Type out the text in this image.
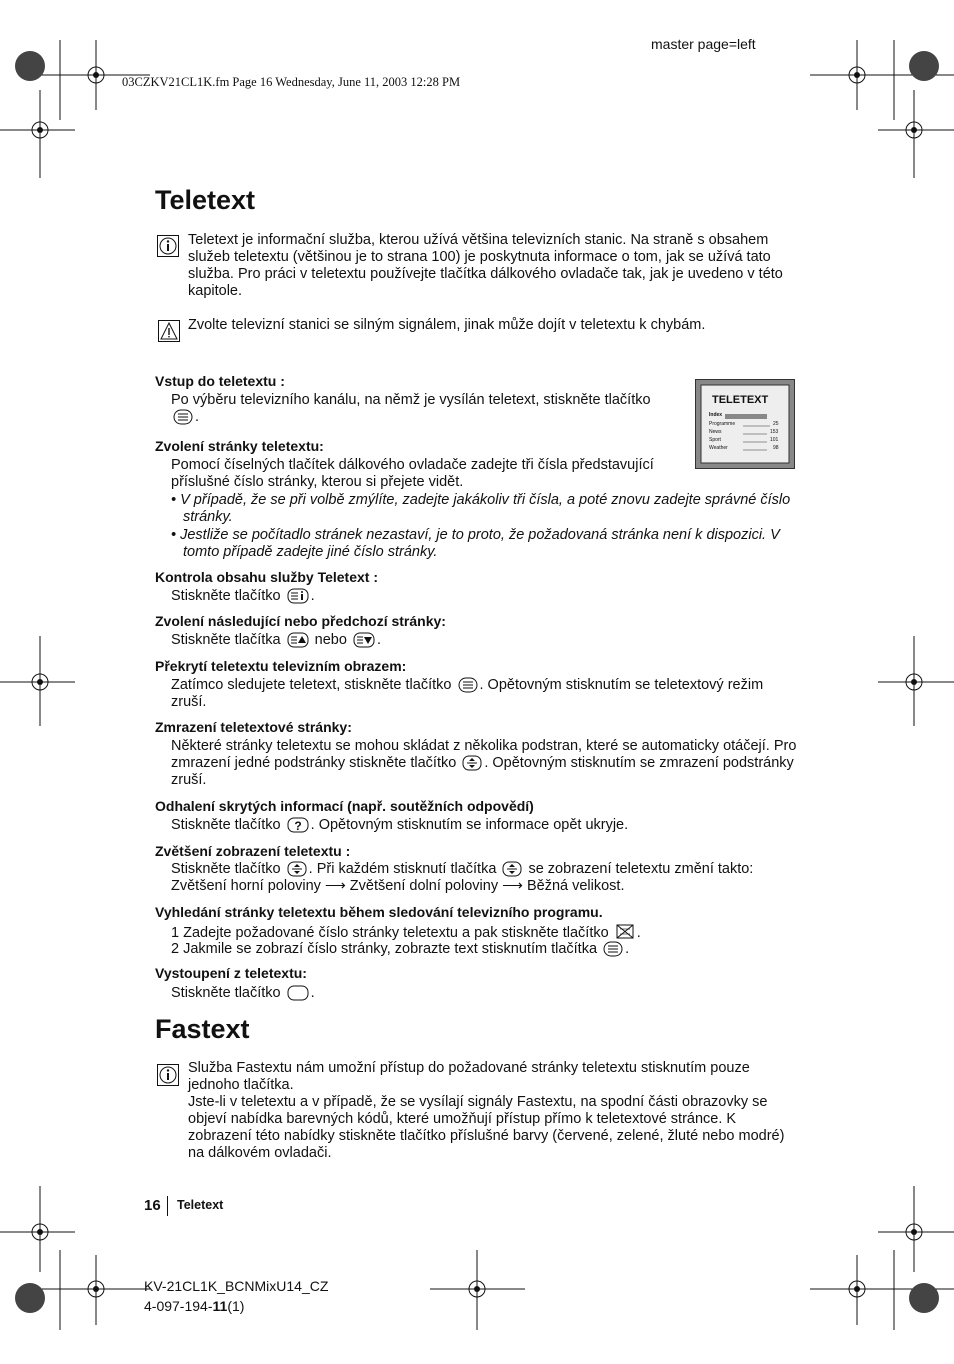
master page=left
03CZKV21CL1K.fm Page 16 Wednesday, June 11, 2003 12:28 PM
Teletext
Teletext je informační služba, kterou užívá většina televizních stanic. Na straně s obsahem služeb teletextu (většinou je to strana 100) je poskytnuta informace o tom, jak se užívá tato služba. Pro práci v teletextu používejte tlačítka dálkového ovladače tak, jak je uvedeno v této kapitole.
Zvolte televizní stanici se silným signálem, jinak může dojít v teletextu k chybám.
TELETEXT
Index
Programme	25
News	153
Sport	101
Weather	98
Vstup do teletextu :
Po výběru televizního kanálu, na němž je vysílán teletext, stiskněte tlačítko
.
Zvolení stránky teletextu:
Pomocí číselných tlačítek dálkového ovladače zadejte tři čísla představující příslušné číslo stránky, kterou si přejete vidět.
• V případě, že se při volbě zmýlíte, zadejte jakákoliv tři čísla, a poté znovu zadejte správné číslo stránky.
• Jestliže se počítadlo stránek nezastaví, je to proto, že požadovaná stránka není k dispozici. V tomto případě zadejte jiné číslo stránky.
Kontrola obsahu služby Teletext :
Stiskněte tlačítko .
Zvolení následující nebo předchozí stránky:
Stiskněte tlačítka nebo .
Překrytí teletextu televizním obrazem:
Zatímco sledujete teletext, stiskněte tlačítko . Opětovným stisknutím se teletextový režim zruší.
Zmrazení teletextové stránky:
Některé stránky teletextu se mohou skládat z několika podstran, které se automaticky otáčejí. Pro zmrazení jedné podstránky stiskněte tlačítko . Opětovným stisknutím se zmrazení podstránky zruší.
Odhalení skrytých informací (např. soutěžních odpovědí)
Stiskněte tlačítko ? . Opětovným stisknutím se informace opět ukryje.
Zvětšení zobrazení teletextu :
Stiskněte tlačítko . Při každém stisknutí tlačítka se zobrazení teletextu změní takto:
Zvětšení horní poloviny ⟶ Zvětšení dolní poloviny ⟶ Běžná velikost.
Vyhledání stránky teletextu během sledování televizního programu.
1 Zadejte požadované číslo stránky teletextu a pak stiskněte tlačítko .
2 Jakmile se zobrazí číslo stránky, zobrazte text stisknutím tlačítka .
Vystoupení z teletextu:
Stiskněte tlačítko .
Fastext
Služba Fastextu nám umožní přístup do požadované stránky teletextu stisknutím pouze jednoho tlačítka.
Jste-li v teletextu a v případě, že se vysílají signály Fastextu, na spodní části obrazovky se objeví nabídka barevných kódů, které umožňují přístup přímo k teletextové stránce. K zobrazení této nabídky stiskněte tlačítko příslušné barvy (červené, zelené, žluté nebo modré) na dálkovém ovladači.
16 Teletext
KV-21CL1K_BCNMixU14_CZ
4-097-194-11(1)
